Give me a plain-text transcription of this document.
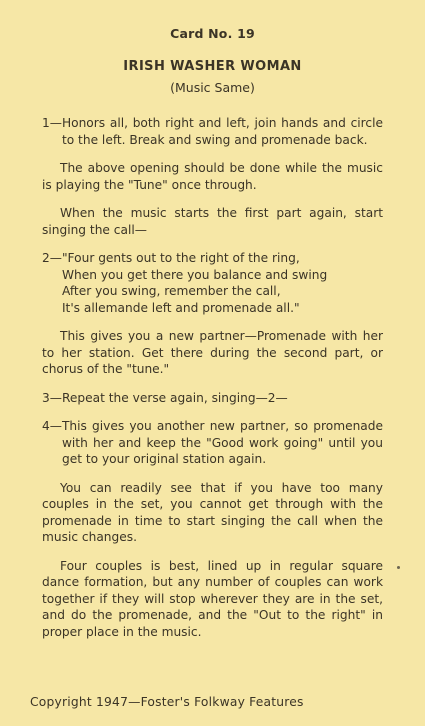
Card No. 19
IRISH WASHER WOMAN
(Music Same)
1— Honors all, both right and left, join hands and circle to the left. Break and swing and promenade back.

The above opening should be done while the music is playing the "Tune" once through.

When the music starts the first part again, start singing the call—

2— "Four gents out to the right of the ring,
When you get there you balance and swing
After you swing, remember the call,
It's allemande left and promenade all."

This gives you a new partner—Promenade with her to her station. Get there during the second part, or chorus of the "tune."

3— Repeat the verse again, singing—2—
4— This gives you another new partner, so promenade with her and keep the "Good work going" until you get to your original station again.

You can readily see that if you have too many couples in the set, you cannot get through with the promenade in time to start singing the call when the music changes.

Four couples is best, lined up in regular square dance formation, but any number of couples can work together if they will stop wherever they are in the set, and do the promenade, and the "Out to the right" in proper place in the music.

Copyright 1947—Foster's Folkway Features
